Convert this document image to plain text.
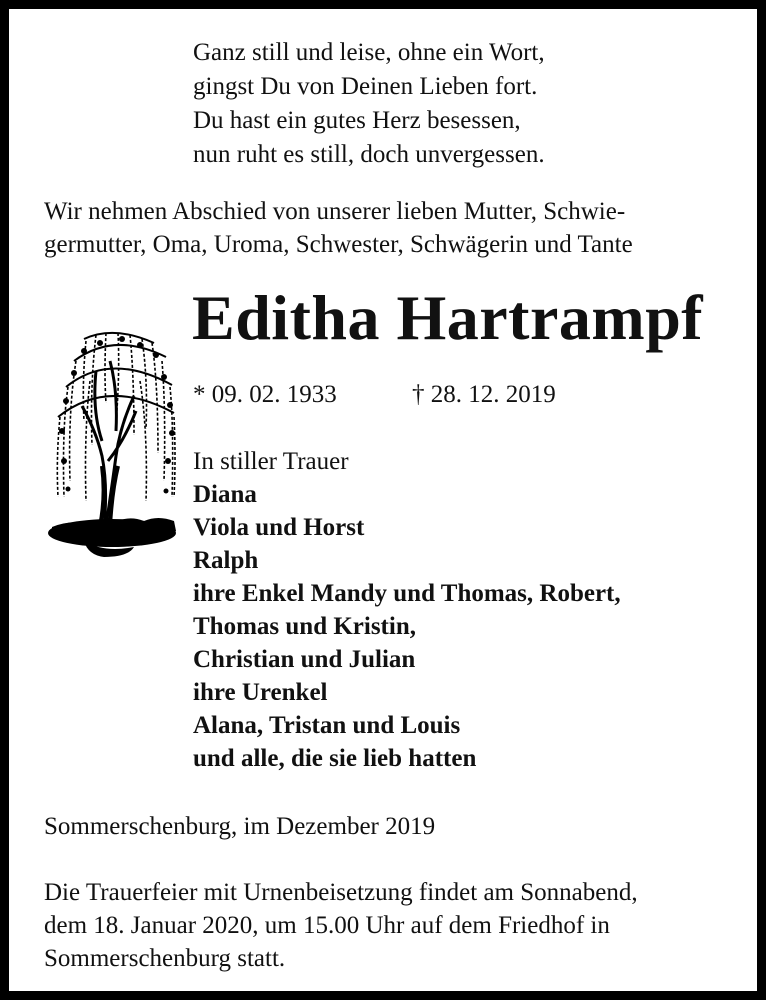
Ganz still und leise, ohne ein Wort,
gingst Du von Deinen Lieben fort.
Du hast ein gutes Herz besessen,
nun ruht es still, doch unvergessen.
Wir nehmen Abschied von unserer lieben Mutter, Schwie-
germutter, Oma, Uroma, Schwester, Schwägerin und Tante
Editha Hartrampf
* 09. 02. 1933	† 28. 12. 2019
In stiller Trauer
Diana
Viola und Horst
Ralph
ihre Enkel Mandy und Thomas, Robert,
Thomas und Kristin,
Christian und Julian
ihre Urenkel
Alana, Tristan und Louis
und alle, die sie lieb hatten
Sommerschenburg, im Dezember 2019
Die Trauerfeier mit Urnenbeisetzung findet am Sonnabend,
dem 18. Januar 2020, um 15.00 Uhr auf dem Friedhof in
Sommerschenburg statt.
